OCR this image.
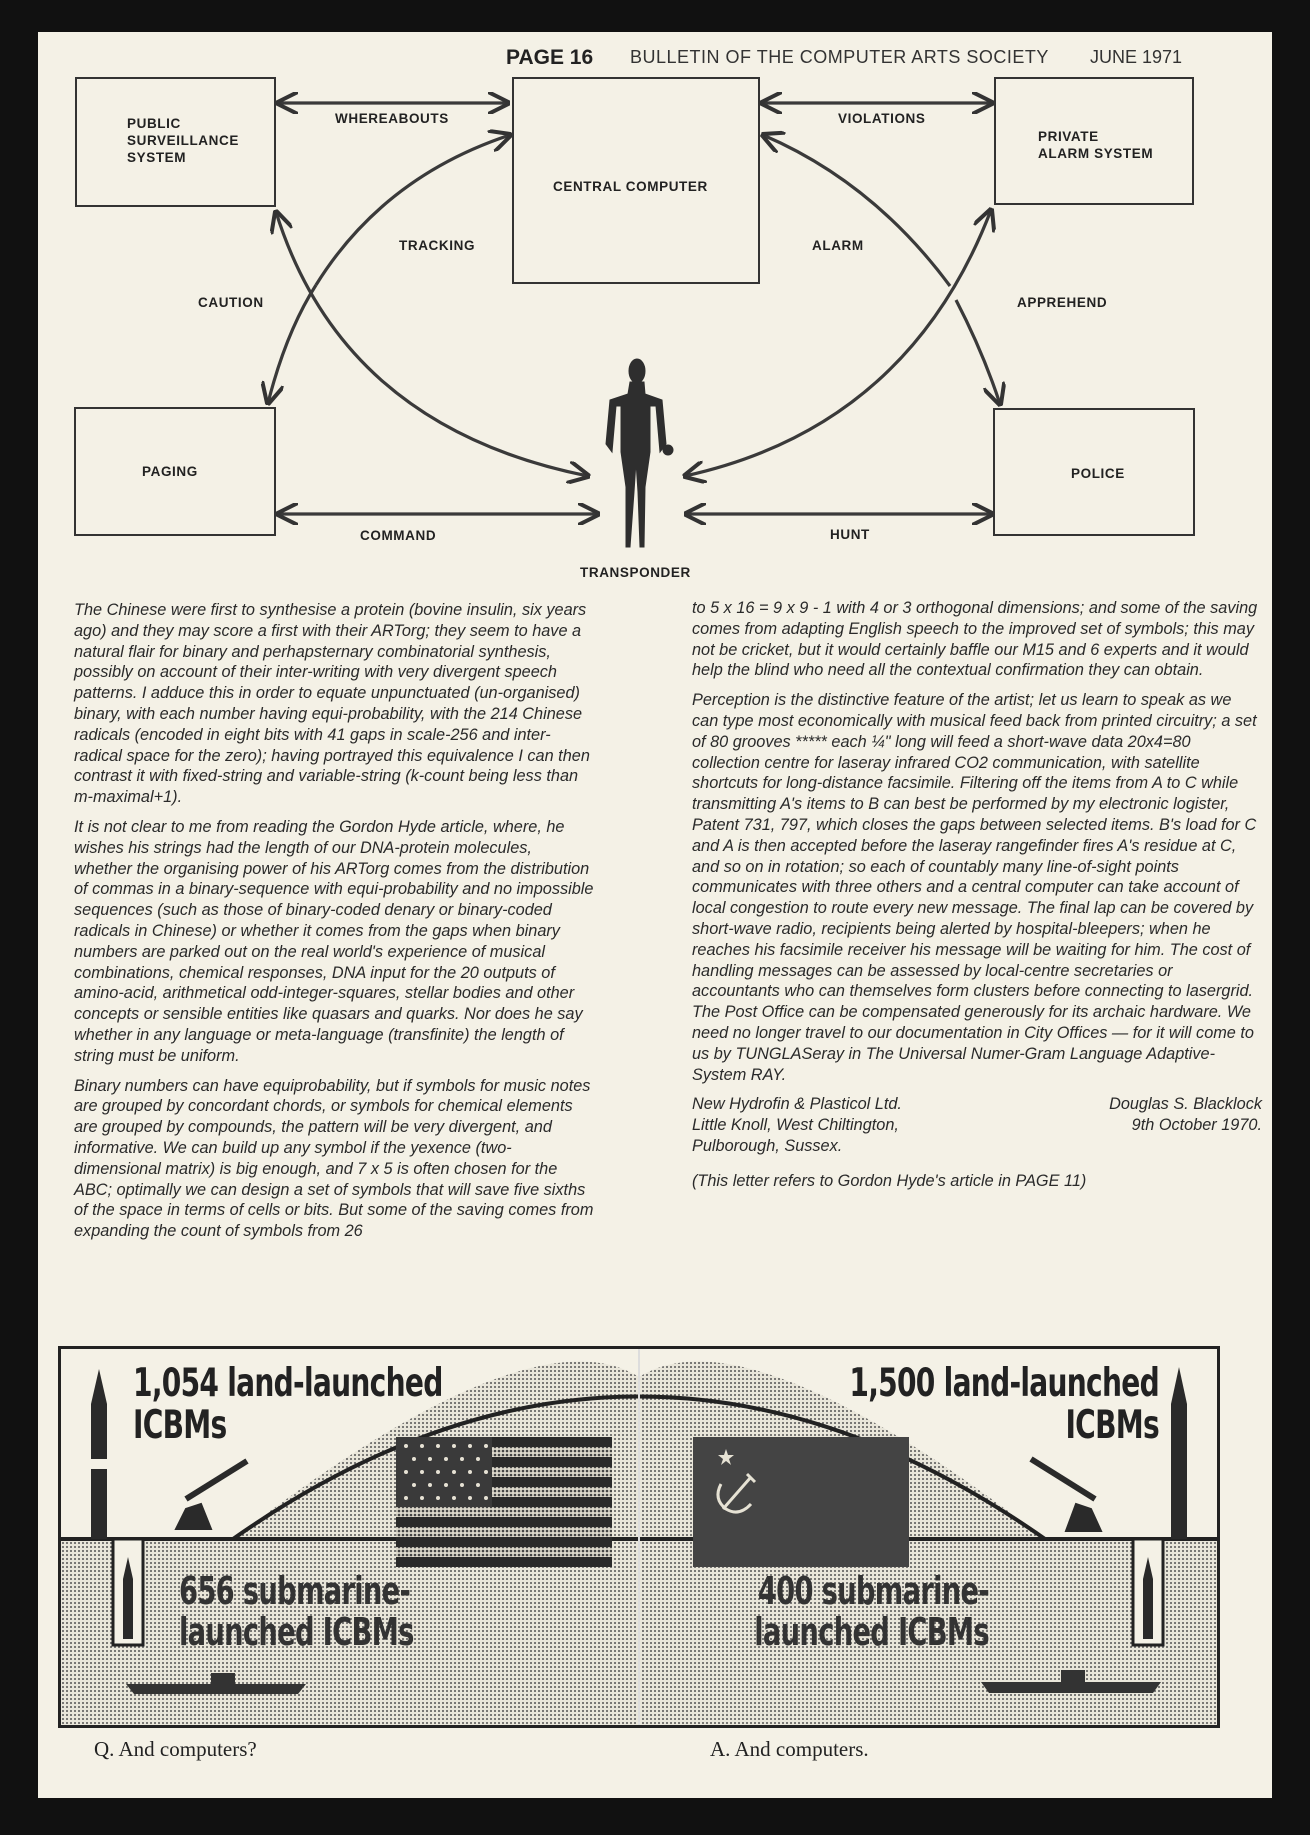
PAGE 16 BULLETIN OF THE COMPUTER ARTS SOCIETY JUNE 1971
PUBLIC
SURVEILLANCE
SYSTEM
CENTRAL COMPUTER
PRIVATE
ALARM SYSTEM
PAGING	POLICE
TRANSPONDER
WHEREABOUTS	VIOLATIONS
TRACKING	ALARM
CAUTION	APPREHEND
COMMAND	HUNT

The Chinese were first to synthesise a protein (bovine insulin, six years ago) and they may score a first with their ARTorg; they seem to have a natural flair for binary and perhapsternary combinatorial synthesis, possibly on account of their inter-writing with very divergent speech patterns. I adduce this in order to equate unpunctuated (un-organised) binary, with each number having equi-probability, with the 214 Chinese radicals (encoded in eight bits with 41 gaps in scale-256 and inter-radical space for the zero); having portrayed this equivalence I can then contrast it with fixed-string and variable-string (k-count being less than m-maximal+1).

It is not clear to me from reading the Gordon Hyde article, where, he wishes his strings had the length of our DNA-protein molecules, whether the organising power of his ARTorg comes from the distribution of commas in a binary-sequence with equi-probability and no impossible sequences (such as those of binary-coded denary or binary-coded radicals in Chinese) or whether it comes from the gaps when binary numbers are parked out on the real world's experience of musical combinations, chemical responses, DNA input for the 20 outputs of amino-acid, arithmetical odd-integer-squares, stellar bodies and other concepts or sensible entities like quasars and quarks. Nor does he say whether in any language or meta-language (transfinite) the length of string must be uniform.

Binary numbers can have equiprobability, but if symbols for music notes are grouped by concordant chords, or symbols for chemical elements are grouped by compounds, the pattern will be very divergent, and informative. We can build up any symbol if the yexence (two-dimensional matrix) is big enough, and 7 x 5 is often chosen for the ABC; optimally we can design a set of symbols that will save five sixths of the space in terms of cells or bits. But some of the saving comes from expanding the count of symbols from 26

to 5 x 16 = 9 x 9 - 1 with 4 or 3 orthogonal dimensions; and some of the saving comes from adapting English speech to the improved set of symbols; this may not be cricket, but it would certainly baffle our M15 and 6 experts and it would help the blind who need all the contextual confirmation they can obtain.

Perception is the distinctive feature of the artist; let us learn to speak as we can type most economically with musical feed back from printed circuitry; a set of 80 grooves ***** each ¼" long will feed a short-wave data 20x4=80 collection centre for laseray infrared CO2 communication, with satellite shortcuts for long-distance facsimile. Filtering off the items from A to C while transmitting A's items to B can best be performed by my electronic logister, Patent 731, 797, which closes the gaps between selected items. B's load for C and A is then accepted before the laseray rangefinder fires A's residue at C, and so on in rotation; so each of countably many line-of-sight points communicates with three others and a central computer can take account of local congestion to route every new message. The final lap can be covered by short-wave radio, recipients being alerted by hospital-bleepers; when he reaches his facsimile receiver his message will be waiting for him. The cost of handling messages can be assessed by local-centre secretaries or accountants who can themselves form clusters before connecting to lasergrid. The Post Office can be compensated generously for its archaic hardware. We need no longer travel to our documentation in City Offices — for it will come to us by TUNGLASeray in The Universal Numer-Gram Language Adaptive-System RAY.

New Hydrofin & Plasticol Ltd.
Little Knoll, West Chiltington,
Pulborough, Sussex.
Douglas S. Blacklock
9th October 1970.

(This letter refers to Gordon Hyde's article in PAGE 11)

1,054 land-launched
ICBMs
1,500 land-launched
ICBMs
656 submarine-
launched ICBMs
400 submarine-
launched ICBMs
Q. And computers?	A. And computers.
